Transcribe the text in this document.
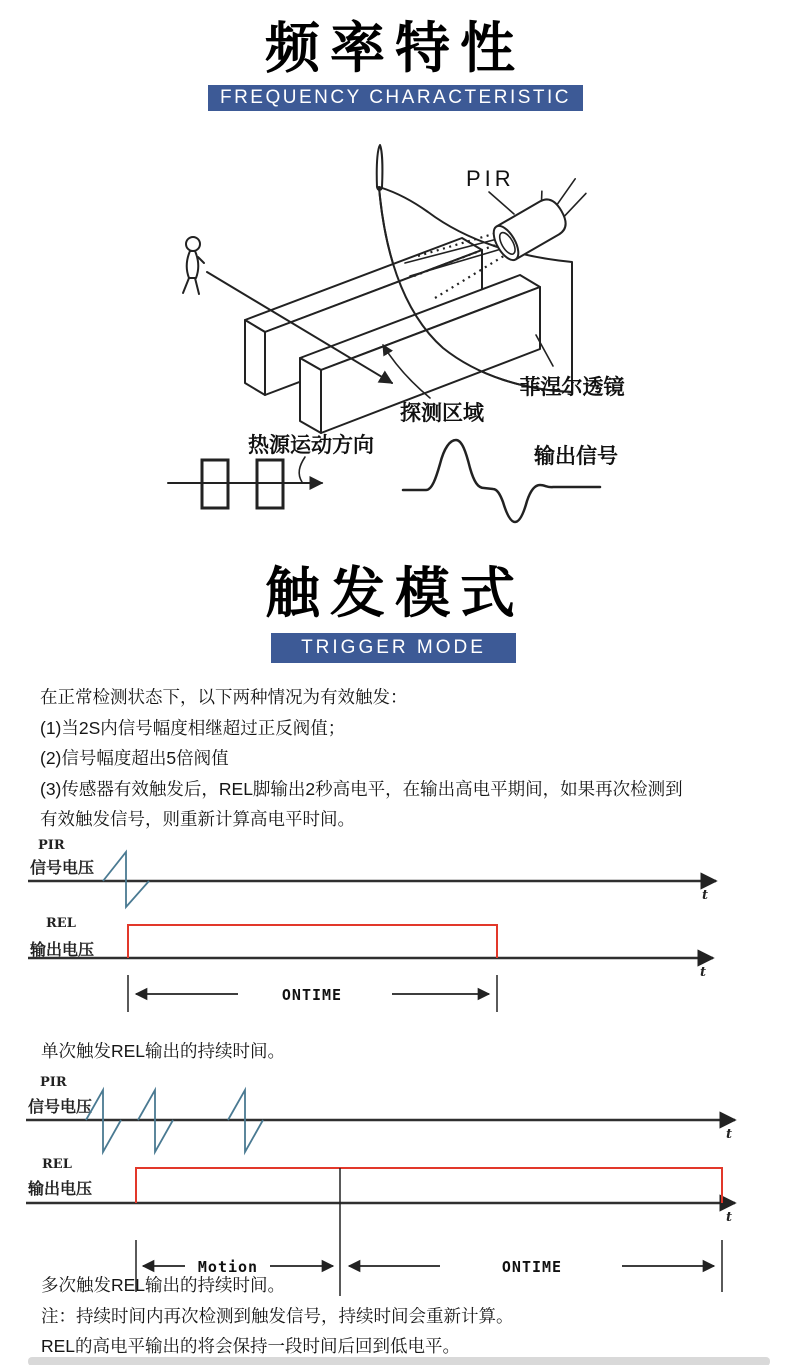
频率特性
FREQUENCY CHARACTERISTIC
PIR
菲涅尔透镜
探测区域
热源运动方向	输出信号
触发模式
TRIGGER MODE
在正常检测状态下，以下两种情况为有效触发：
(1)当2S内信号幅度相继超过正反阀值；
(2)信号幅度超出5倍阀值
(3)传感器有效触发后，REL脚输出2秒高电平，在输出高电平期间，如果再次检测到
有效触发信号，则重新计算高电平时间。
PIR
信号电压
t
REL
输出电压
t
ONTIME
单次触发REL输出的持续时间。
PIR
信号电压
t
REL
输出电压
t
Motion	ONTIME
多次触发REL输出的持续时间。
注：持续时间内再次检测到触发信号，持续时间会重新计算。
REL的高电平输出的将会保持一段时间后回到低电平。
